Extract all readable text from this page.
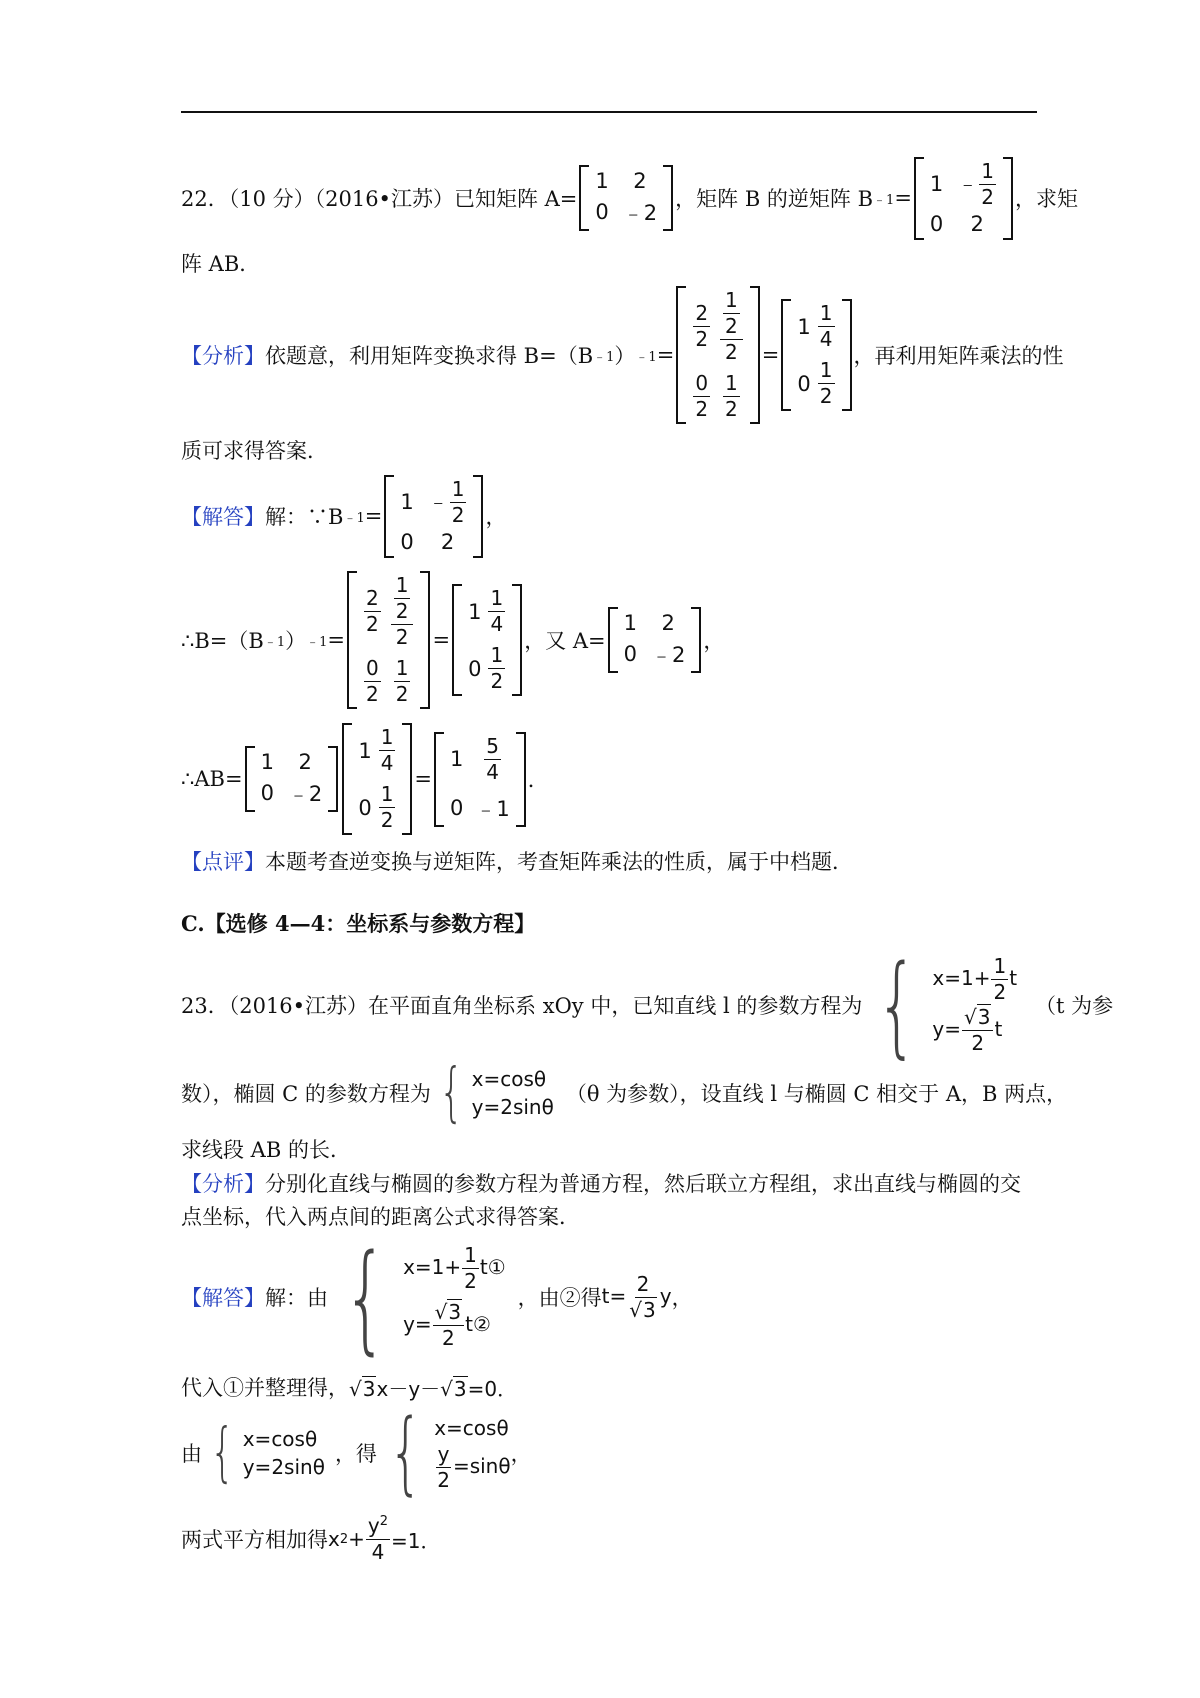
22．（10 分）（2016•江苏）已知矩阵 A=
1 2
0 ﹣2
，矩阵 B 的逆矩阵 B ﹣1 =
1 ﹣ $\frac{1}{2}$
0 2
，求矩
阵 AB．
【分析】 依题意，利用矩阵变换求得 B=（B ﹣1 ） ﹣1 =
$\frac{2}{2} \frac{\frac{1}{2}}{2}$
$\frac{0}{2} \frac{1}{2}$
=
$1 \frac{1}{4}$
$0 \frac{1}{2}$
，再利用矩阵乘法的性
质可求得答案．
【解答】 解：∵B ﹣1 =
1 ﹣ $\frac{1}{2}$
0 2
，
∴B=（B ﹣1 ） ﹣1 =
$\frac{2}{2} \frac{\frac{1}{2}}{2}$
$\frac{0}{2} \frac{1}{2}$
=
$1 \frac{1}{4}$
$0 \frac{1}{2}$
，又 A=
1 2
0 ﹣2
，
∴AB=
1 2
0 ﹣2
$1 \frac{1}{4}$
$0 \frac{1}{2}$
=
$1 \frac{5}{4}$
0 ﹣1
．
【点评】本题考查逆变换与逆矩阵，考查矩阵乘法的性质，属于中档题．
C.【选修 4—4：坐标系与参数方程】
23．（2016•江苏）在平面直角坐标系 xOy 中，已知直线 l 的参数方程为 { $x=1+ \frac{1}{2}$ t
$y= \frac{√3}{2}$ t
（t 为参
数），椭圆 C 的参数方程为 { x=cosθ
y=2sinθ
（θ 为参数），设直线 l 与椭圆 C 相交于 A，B 两点，
求线段 AB 的长．
【分析】分别化直线与椭圆的参数方程为普通方程，然后联立方程组，求出直线与椭圆的交
点坐标，代入两点间的距离公式求得答案．
【解答】 解：由 { $x=1+ \frac{1}{2}$ t①
$y= \frac{√3}{2}$ t②
，由②得 $t= \frac{2}{√3}$ y ，
代入①并整理得， √3x－y－√3=0．
由 { x=cosθ
y=2sinθ
，得 { x=cosθ
$\frac{y}{2} =\sin\theta$ ，
两式平方相加得 x $2 + \frac{y^2}{4} =1$．
